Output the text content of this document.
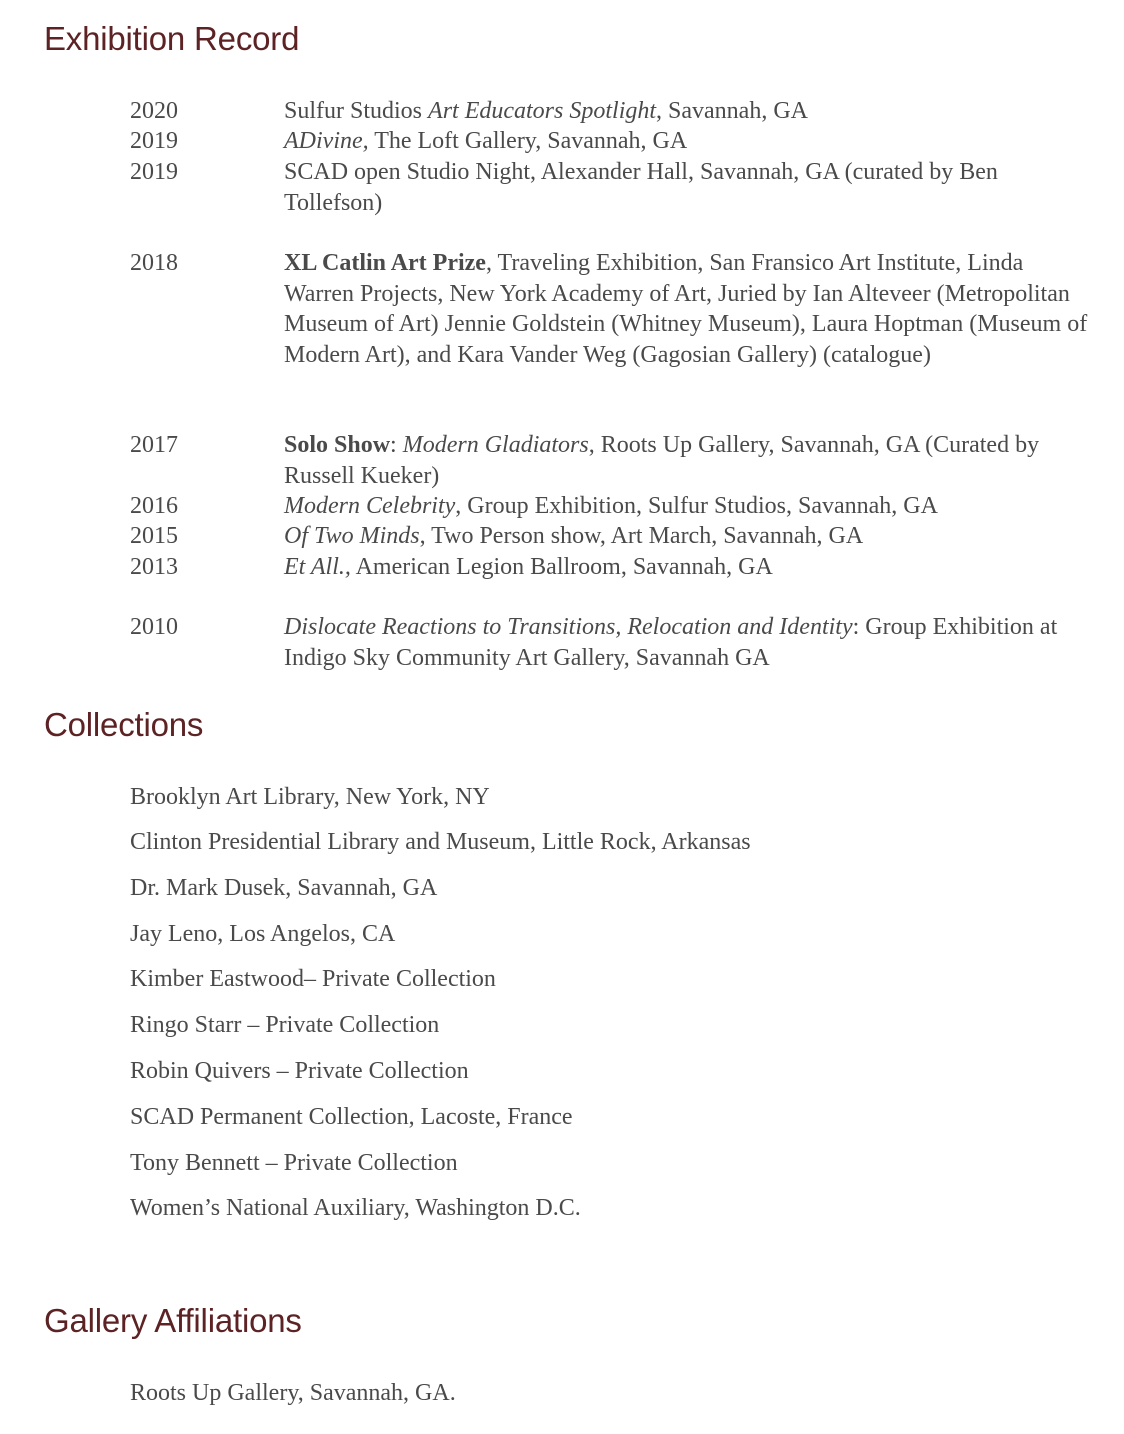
Exhibition Record
2020	Sulfur Studios Art Educators Spotlight, Savannah, GA
2019	ADivine, The Loft Gallery, Savannah, GA
2019	SCAD open Studio Night, Alexander Hall, Savannah, GA (curated by Ben Tollefson)
2018	XL Catlin Art Prize, Traveling Exhibition, San Fransico Art Institute, Linda Warren Projects, New York Academy of Art, Juried by Ian Alteveer (Metropolitan Museum of Art) Jennie Goldstein (Whitney Museum), Laura Hoptman (Museum of Modern Art), and Kara Vander Weg (Gagosian Gallery) (catalogue)
2017	Solo Show: Modern Gladiators, Roots Up Gallery, Savannah, GA (Curated by Russell Kueker)
2016	Modern Celebrity, Group Exhibition, Sulfur Studios, Savannah, GA
2015	Of Two Minds, Two Person show, Art March, Savannah, GA
2013	Et All., American Legion Ballroom, Savannah, GA
2010	Dislocate Reactions to Transitions, Relocation and Identity: Group Exhibition at Indigo Sky Community Art Gallery, Savannah GA
Collections
Brooklyn Art Library, New York, NY
Clinton Presidential Library and Museum, Little Rock, Arkansas
Dr. Mark Dusek, Savannah, GA
Jay Leno, Los Angelos, CA
Kimber Eastwood– Private Collection
Ringo Starr – Private Collection
Robin Quivers – Private Collection
SCAD Permanent Collection, Lacoste, France
Tony Bennett – Private Collection
Women’s National Auxiliary, Washington D.C.
Gallery Affiliations
Roots Up Gallery, Savannah, GA.
